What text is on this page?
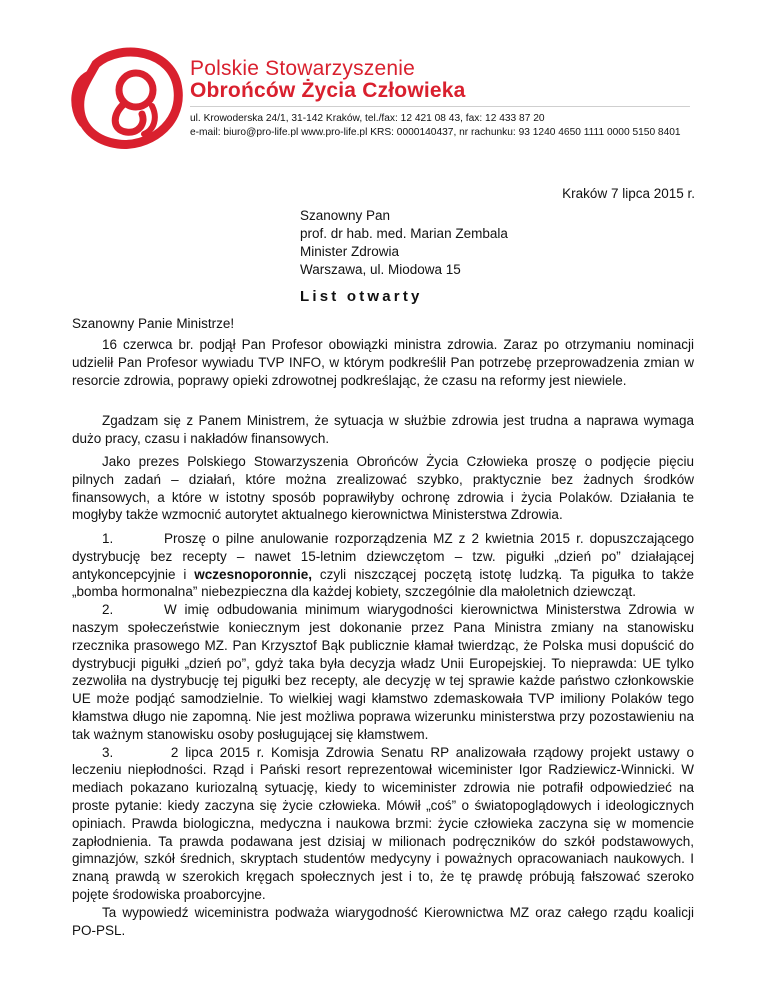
Polskie Stowarzyszenie
Obrońców Życia Człowieka
ul. Krowoderska 24/1, 31-142 Kraków, tel./fax: 12 421 08 43, fax: 12 433 87 20
e-mail: biuro@pro-life.pl www.pro-life.pl KRS: 0000140437, nr rachunku: 93 1240 4650 1111 0000 5150 8401
Kraków 7 lipca 2015 r.
Szanowny Pan
prof. dr hab. med. Marian Zembala
Minister Zdrowia
Warszawa, ul. Miodowa 15
List otwarty
Szanowny Panie Ministrze!

16 czerwca br. podjął Pan Profesor obowiązki ministra zdrowia. Zaraz po otrzymaniu nominacji udzielił Pan Profesor wywiadu TVP INFO, w którym podkreślił Pan potrzebę przeprowadzenia zmian w resorcie zdrowia, poprawy opieki zdrowotnej podkreślając, że czasu na reformy jest niewiele.

Zgadzam się z Panem Ministrem, że sytuacja w służbie zdrowia jest trudna a naprawa wymaga dużo pracy, czasu i nakładów finansowych.

Jako prezes Polskiego Stowarzyszenia Obrońców Życia Człowieka proszę o podjęcie pięciu pilnych zadań – działań, które można zrealizować szybko, praktycznie bez żadnych środków finansowych, a które w istotny sposób poprawiłyby ochronę zdrowia i życia Polaków. Działania te mogłyby także wzmocnić autorytet aktualnego kierownictwa Ministerstwa Zdrowia.

1.	Proszę o pilne anulowanie rozporządzenia MZ z 2 kwietnia 2015 r. dopuszczającego dystrybucję bez recepty – nawet 15-letnim dziewczętom – tzw. pigułki „dzień po” działającej antykoncepcyjnie i wczesnoporonnie, czyli niszczącej poczętą istotę ludzką. Ta pigułka to także „bomba hormonalna” niebezpieczna dla każdej kobiety, szczególnie dla małoletnich dziewcząt.

2.	W imię odbudowania minimum wiarygodności kierownictwa Ministerstwa Zdrowia w naszym społeczeństwie koniecznym jest dokonanie przez Pana Ministra zmiany na stanowisku rzecznika prasowego MZ. Pan Krzysztof Bąk publicznie kłamał twierdząc, że Polska musi dopuścić do dystrybucji pigułki „dzień po”, gdyż taka była decyzja władz Unii Europejskiej. To nieprawda: UE tylko zezwoliła na dystrybucję tej pigułki bez recepty, ale decyzję w tej sprawie każde państwo członkowskie UE może podjąć samodzielnie. To wielkiej wagi kłamstwo zdemaskowała TVP imiliony Polaków tego kłamstwa długo nie zapomną. Nie jest możliwa poprawa wizerunku ministerstwa przy pozostawieniu na tak ważnym stanowisku osoby posługującej się kłamstwem.

3.	2 lipca 2015 r. Komisja Zdrowia Senatu RP analizowała rządowy projekt ustawy o leczeniu niepłodności. Rząd i Pański resort reprezentował wiceminister Igor Radziewicz-Winnicki. W mediach pokazano kuriozalną sytuację, kiedy to wiceminister zdrowia nie potrafił odpowiedzieć na proste pytanie: kiedy zaczyna się życie człowieka. Mówił „coś” o światopoglądowych i ideologicznych opiniach. Prawda biologiczna, medyczna i naukowa brzmi: życie człowieka zaczyna się w momencie zapłodnienia. Ta prawda podawana jest dzisiaj w milionach podręczników do szkół podstawowych, gimnazjów, szkół średnich, skryptach studentów medycyny i poważnych opracowaniach naukowych. I znaną prawdą w szerokich kręgach społecznych jest i to, że tę prawdę próbują fałszować szeroko pojęte środowiska proaborcyjne.

Ta wypowiedź wiceministra podważa wiarygodność Kierownictwa MZ oraz całego rządu koalicji PO-PSL.
